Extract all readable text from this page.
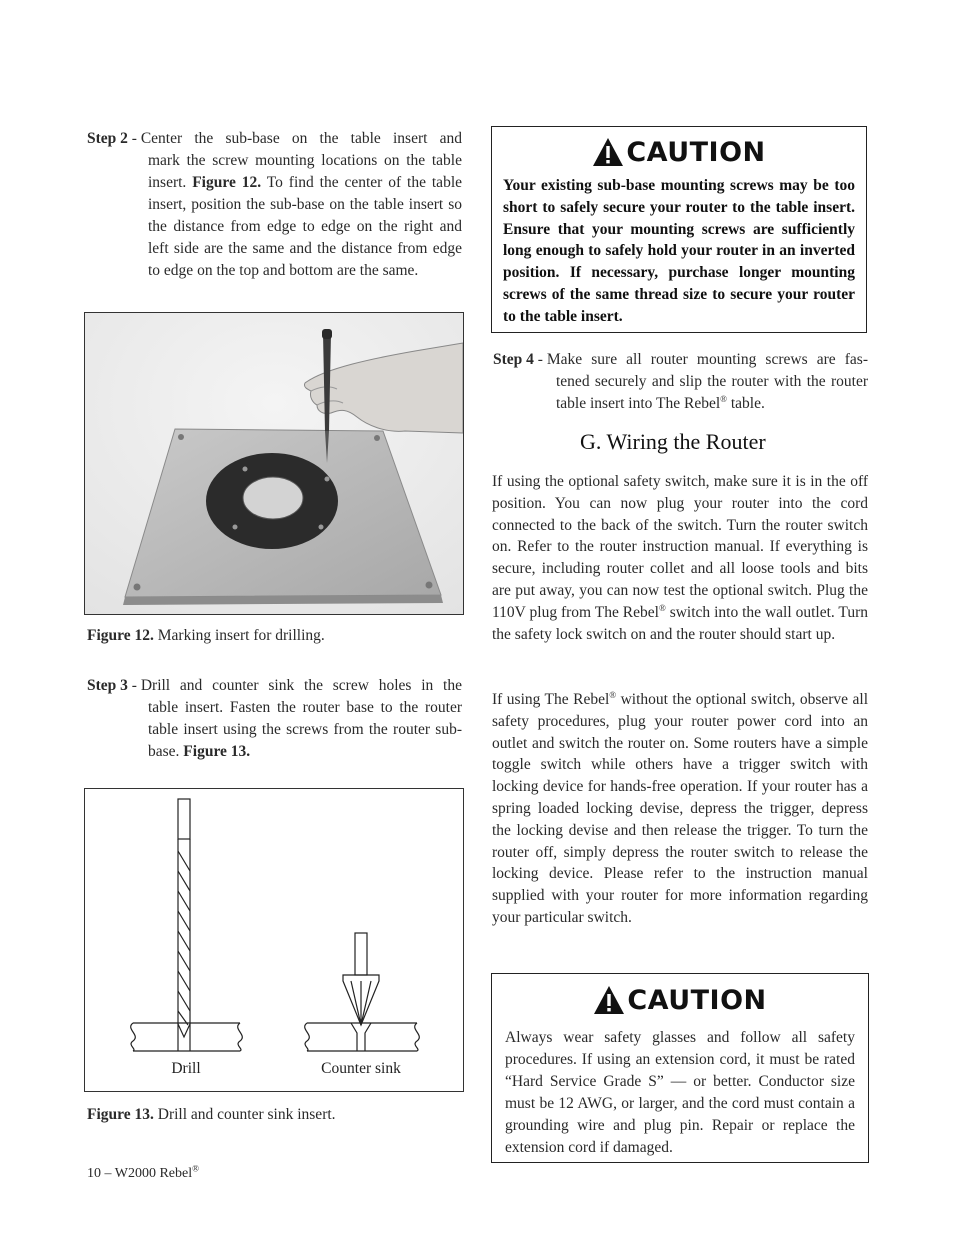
Step 2 - Center the sub-base on the table insert and
mark the screw mounting locations on the table insert. Figure 12. To find the center of the table insert, position the sub-base on the table insert so the distance from edge to edge on the right and left side are the same and the distance from edge to edge on the top and bottom are the same.
Figure 12. Marking insert for drilling.
Step 3 - Drill and counter sink the screw holes in the
table insert. Fasten the router base to the router table insert using the screws from the router sub-base. Figure 13.
Drill	Counter sink
Figure 13. Drill and counter sink insert.
10 – W2000 Rebel®
CAUTION

Your existing sub-base mounting screws may be too short to safely secure your router to the table insert. Ensure that your mounting screws are sufficiently long enough to safely hold your router in an inverted position. If necessary, purchase longer mounting screws of the same thread size to secure your router to the table insert.

Step 4 - Make sure all router mounting screws are fas-
tened securely and slip the router with the router table insert into The Rebel® table.
G. Wiring the Router

If using the optional safety switch, make sure it is in the off position. You can now plug your router into the cord connected to the back of the switch. Turn the router switch on. Refer to the router instruction manual. If everything is secure, including router collet and all loose tools and bits are put away, you can now test the optional switch. Plug the 110V plug from The Rebel® switch into the wall outlet. Turn the safety lock switch on and the router should start up.

If using The Rebel® without the optional switch, observe all safety procedures, plug your router power cord into an outlet and switch the router on. Some routers have a simple toggle switch while others have a trigger switch with locking device for hands-free operation. If your router has a spring loaded locking devise, depress the trigger, depress the locking devise and then release the trigger. To turn the router off, simply depress the router switch to release the locking device. Please refer to the instruction manual supplied with your router for more information regarding your particular switch.

CAUTION

Always wear safety glasses and follow all safety procedures. If using an extension cord, it must be rated “Hard Service Grade S” — or better. Conductor size must be 12 AWG, or larger, and the cord must contain a grounding wire and plug pin. Repair or replace the extension cord if damaged.
